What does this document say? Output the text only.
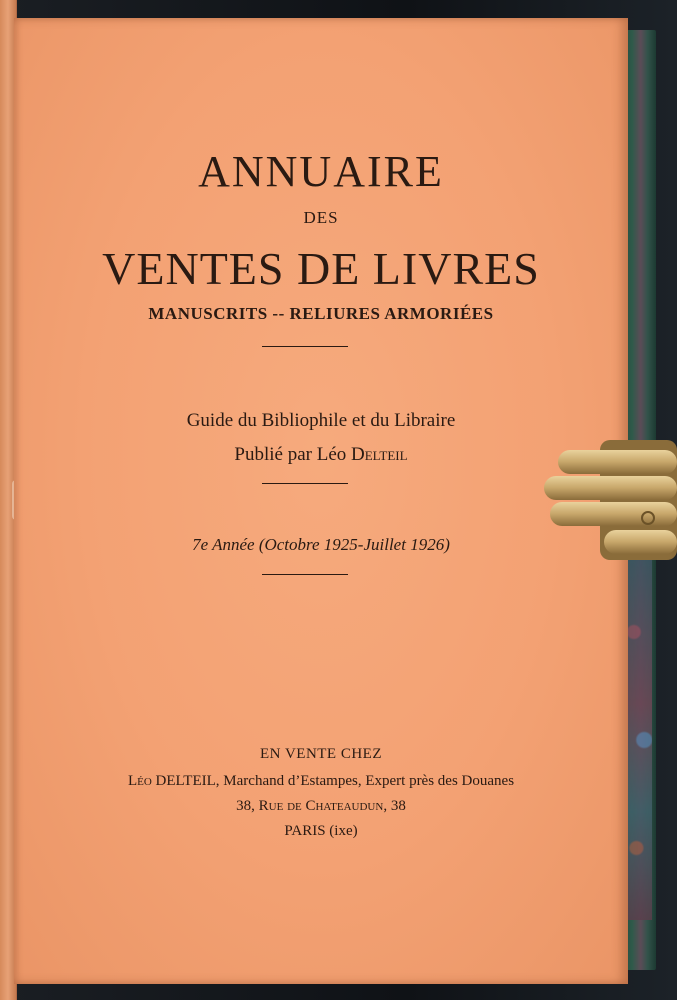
ANNUAIRE

DES

VENTES DE LIVRES

MANUSCRITS -- RELIURES ARMORIÉES

Guide du Bibliophile et du Libraire

Publié par Léo Delteil

7e Année (Octobre 1925-Juillet 1926)

EN VENTE CHEZ

Léo DELTEIL, Marchand d’Estampes, Expert près des Douanes

38, Rue de Chateaudun, 38

PARIS (ixe)
